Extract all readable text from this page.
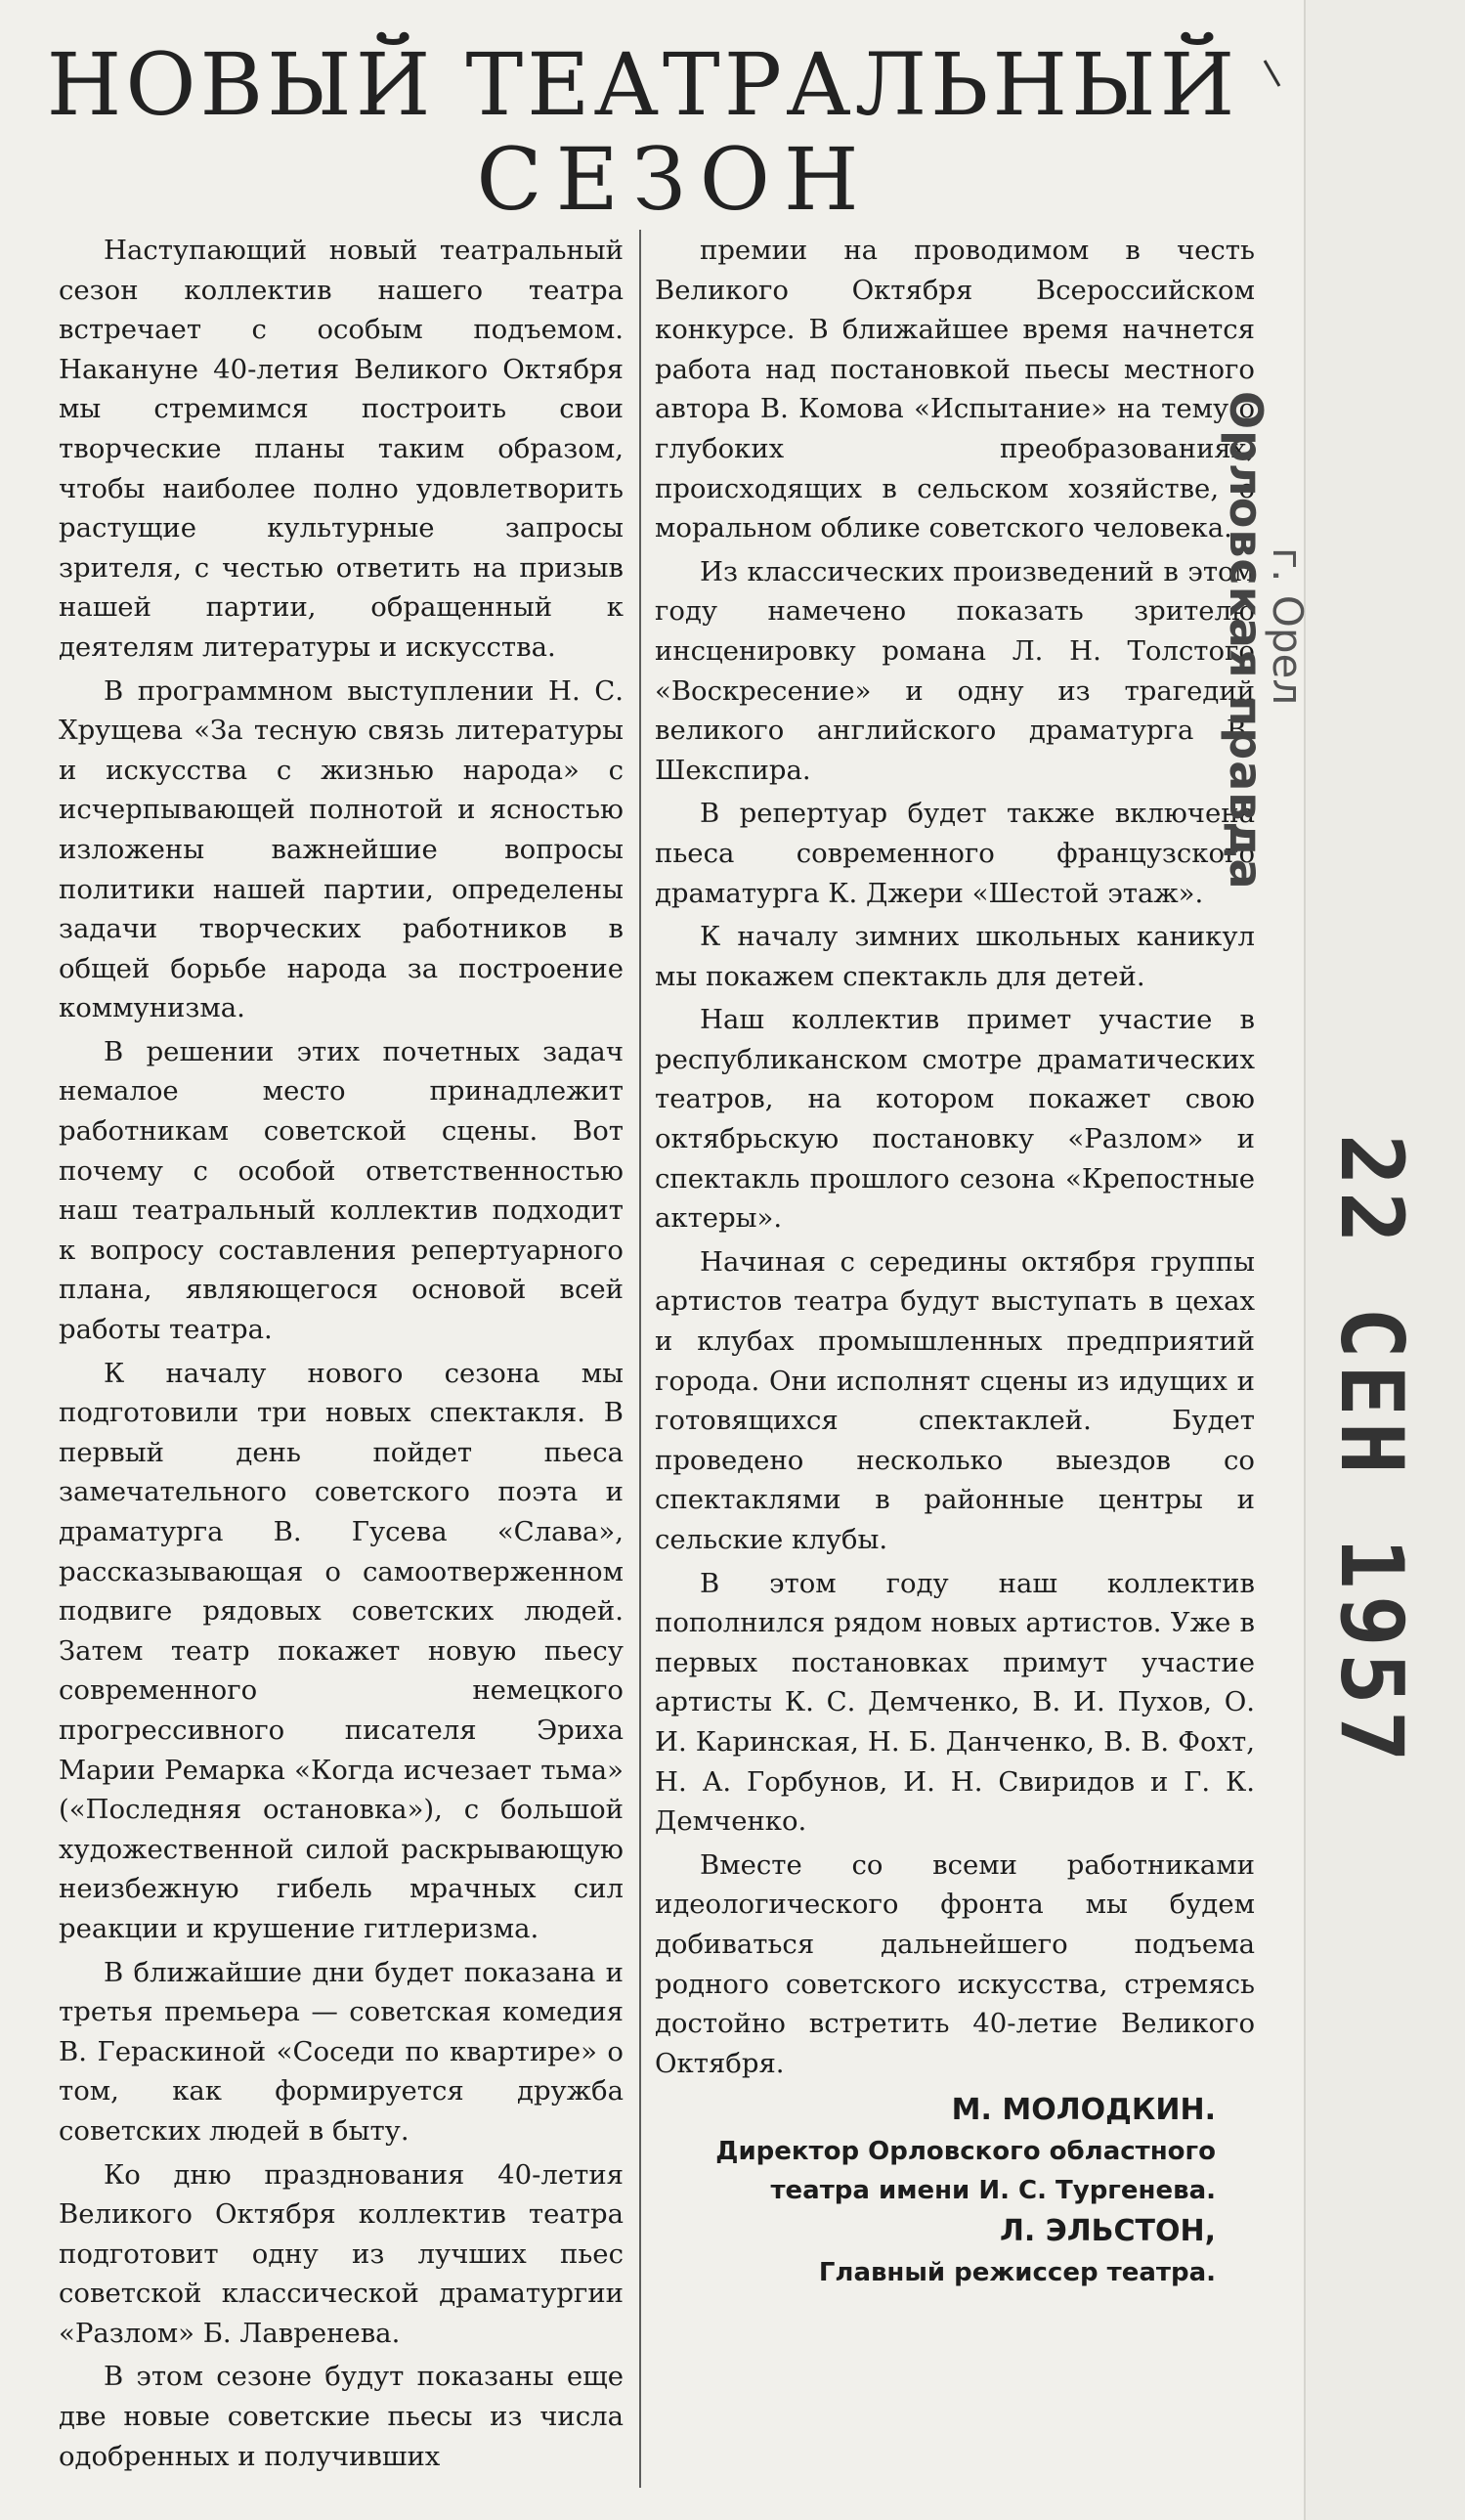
НОВЫЙ ТЕАТРАЛЬНЫЙ
СЕЗОН

Наступающий новый театральный сезон коллектив нашего театра встречает с особым подъемом. Накануне 40-летия Великого Октября мы стремимся построить свои творческие планы таким образом, чтобы наиболее полно удовлетворить растущие культурные запросы зрителя, с честью ответить на призыв нашей партии, обращенный к деятелям литературы и искусства.

В программном выступлении Н. С. Хрущева «За тесную связь литературы и искусства с жизнью народа» с исчерпывающей полнотой и ясностью изложены важнейшие вопросы политики нашей партии, определены задачи творческих работников в общей борьбе народа за построение коммунизма.

В решении этих почетных задач немалое место принадлежит работникам советской сцены. Вот почему с особой ответственностью наш театральный коллектив подходит к вопросу составления репертуарного плана, являющегося основой всей работы театра.

К началу нового сезона мы подготовили три новых спектакля. В первый день пойдет пьеса замечательного советского поэта и драматурга В. Гусева «Слава», рассказывающая о самоотверженном подвиге рядовых советских людей. Затем театр покажет новую пьесу современного немецкого прогрессивного писателя Эриха Марии Ремарка «Когда исчезает тьма» («Последняя остановка»), с большой художественной силой раскрывающую неизбежную гибель мрачных сил реакции и крушение гитлеризма.

В ближайшие дни будет показана и третья премьера — советская комедия В. Гераскиной «Соседи по квартире» о том, как формируется дружба советских людей в быту.

Ко дню празднования 40-летия Великого Октября коллектив театра подготовит одну из лучших пьес советской классической драматургии «Разлом» Б. Лавренева.

В этом сезоне будут показаны еще две новые советские пьесы из числа одобренных и получивших

премии на проводимом в честь Великого Октября Всероссийском конкурсе. В ближайшее время начнется работа над постановкой пьесы местного автора В. Комова «Испытание» на тему о глубоких преобразованиях, происходящих в сельском хозяйстве, о моральном облике советского человека.

Из классических произведений в этом году намечено показать зрителю инсценировку романа Л. Н. Толстого «Воскресение» и одну из трагедий великого английского драматурга В. Шекспира.

В репертуар будет также включена пьеса современного французского драматурга К. Джери «Шестой этаж».

К началу зимних школьных каникул мы покажем спектакль для детей.

Наш коллектив примет участие в республиканском смотре драматических театров, на котором покажет свою октябрьскую постановку «Разлом» и спектакль прошлого сезона «Крепостные актеры».

Начиная с середины октября группы артистов театра будут выступать в цехах и клубах промышленных предприятий города. Они исполнят сцены из идущих и готовящихся спектаклей. Будет проведено несколько выездов со спектаклями в районные центры и сельские клубы.

В этом году наш коллектив пополнился рядом новых артистов. Уже в первых постановках примут участие артисты К. С. Демченко, В. И. Пухов, О. И. Каринская, Н. Б. Данченко, В. В. Фохт, Н. А. Горбунов, И. Н. Свиридов и Г. К. Демченко.

Вместе со всеми работниками идеологического фронта мы будем добиваться дальнейшего подъема родного советского искусства, стремясь достойно встретить 40-летие Великого Октября.

М. МОЛОДКИН.
Директор Орловского областного
театра имени И. С. Тургенева.
Л. ЭЛЬСТОН,
Главный режиссер театра.
Орловская правда
г. Орел
22 СЕН 1957
